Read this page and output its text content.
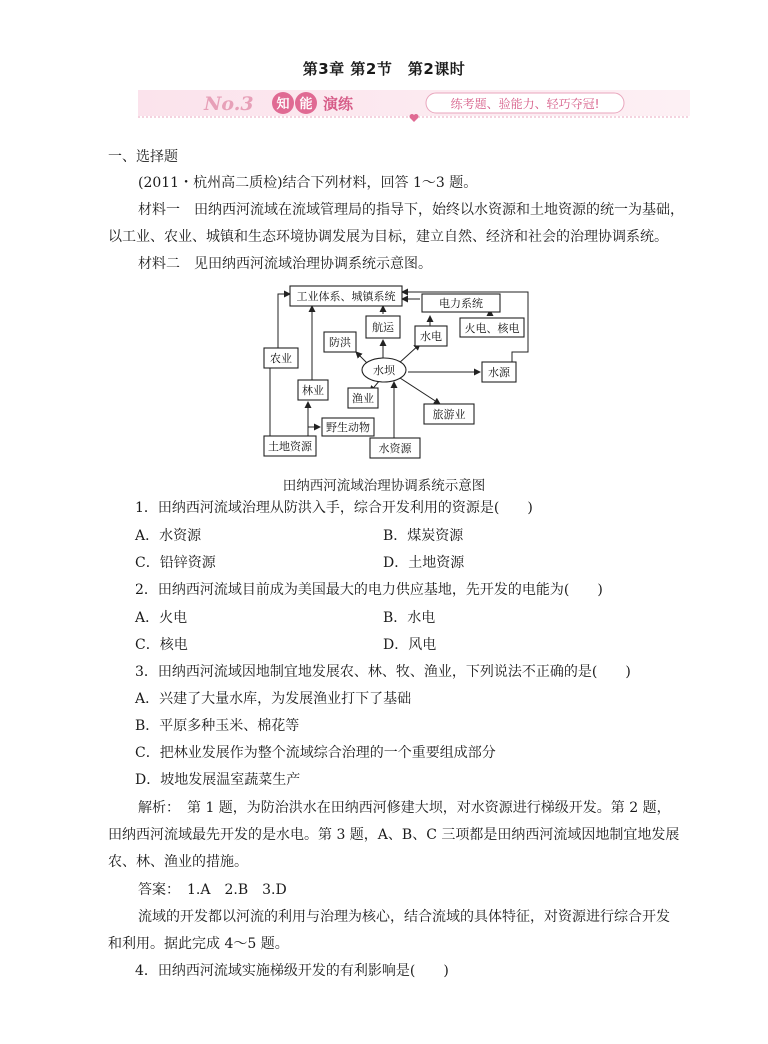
第3章 第2节　第2课时
No.3 知 能 演练	练考题、验能力、轻巧夺冠!
一、选择题
(2011・杭州高二质检)结合下列材料，回答 1～3 题。
材料一　田纳西河流域在流域管理局的指导下，始终以水资源和土地资源的统一为基础，
以工业、农业、城镇和生态环境协调发展为目标，建立自然、经济和社会的治理协调系统。
材料二　见田纳西河流域治理协调系统示意图。
工业体系、城镇系统
电力系统
火电、核电
航运
水电
防洪
农业
水坝	水源
林业
渔业
旅游业
野生动物
土地资源	水资源
田纳西河流域治理协调系统示意图
1．田纳西河流域治理从防洪入手，综合开发利用的资源是(　　)
A．水资源	B．煤炭资源
C．铅锌资源	D．土地资源
2．田纳西河流域目前成为美国最大的电力供应基地，先开发的电能为(　　)
A．火电	B．水电
C．核电	D．风电
3．田纳西河流域因地制宜地发展农、林、牧、渔业，下列说法不正确的是(　　)
A．兴建了大量水库，为发展渔业打下了基础
B．平原多种玉米、棉花等
C．把林业发展作为整个流域综合治理的一个重要组成部分
D．坡地发展温室蔬菜生产
解析：　第 1 题，为防治洪水在田纳西河修建大坝，对水资源进行梯级开发。第 2 题，
田纳西河流域最先开发的是水电。第 3 题，A、B、C 三项都是田纳西河流域因地制宜地发展
农、林、渔业的措施。
答案：　1.A　2.B　3.D
流域的开发都以河流的利用与治理为核心，结合流域的具体特征，对资源进行综合开发
和利用。据此完成 4～5 题。
4．田纳西河流域实施梯级开发的有利影响是(　　)
